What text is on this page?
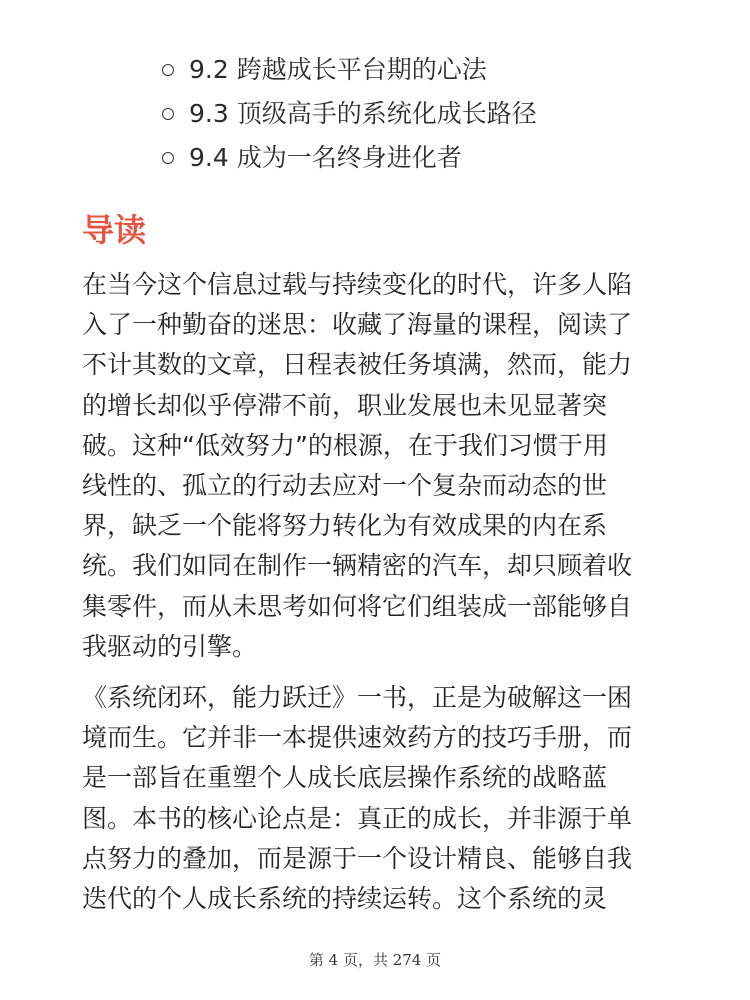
9.2 跨越成长平台期的心法
9.3 顶级高手的系统化成长路径
9.4 成为一名终身进化者
导读

在当今这个信息过载与持续变化的时代，许多人陷
入了一种勤奋的迷思：收藏了海量的课程，阅读了
不计其数的文章，日程表被任务填满，然而，能力
的增长却似乎停滞不前，职业发展也未见显著突
破。这种“低效努力”的根源，在于我们习惯于用
线性的、孤立的行动去应对一个复杂而动态的世
界，缺乏一个能将努力转化为有效成果的内在系
统。我们如同在制作一辆精密的汽车，却只顾着收
集零件，而从未思考如何将它们组装成一部能够自
我驱动的引擎。

《系统闭环，能力跃迁》一书，正是为破解这一困
境而生。它并非一本提供速效药方的技巧手册，而
是一部旨在重塑个人成长底层操作系统的战略蓝
图。本书的核心论点是：真正的成长，并非源于单
点努力的叠加，而是源于一个设计精良、能够自我
迭代的个人成长系统的持续运转。这个系统的灵

第 4 页，共 274 页
